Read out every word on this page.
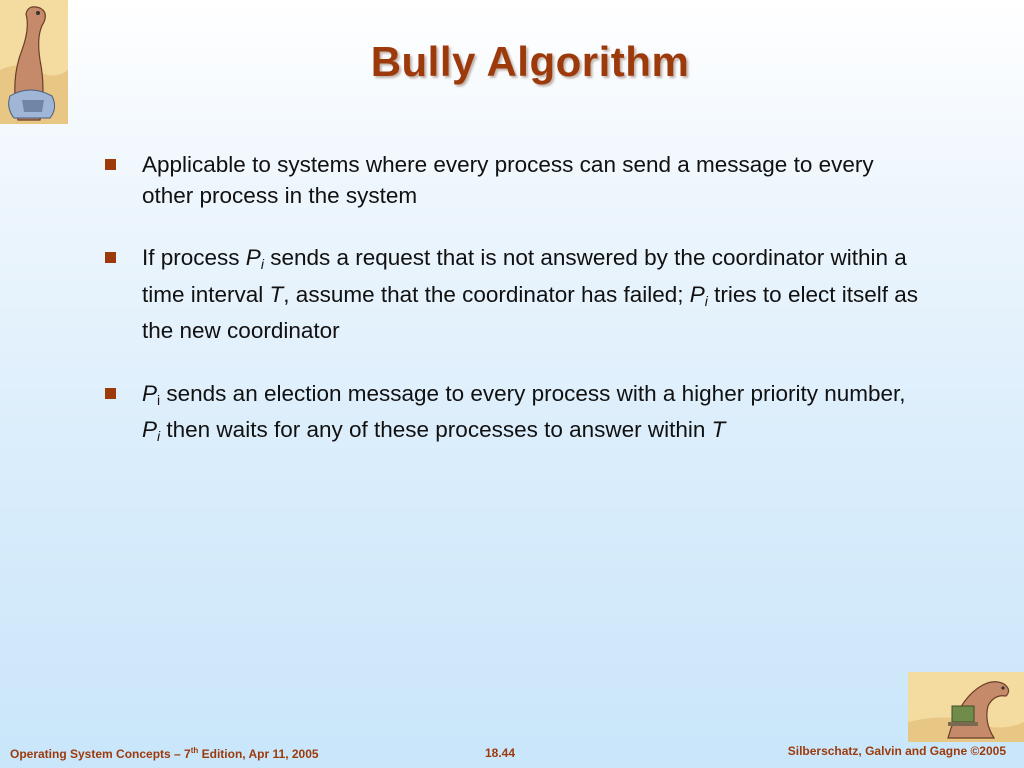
Bully Algorithm
Applicable to systems where every process can send a message to every other process in the system
If process $P_i$ sends a request that is not answered by the coordinator within a time interval T, assume that the coordinator has failed; $P_i$ tries to elect itself as the new coordinator
$P_i$ sends an election message to every process with a higher priority number, $P_i$ then waits for any of these processes to answer within T
Operating System Concepts – 7th Edition, Apr 11, 2005	18.44	Silberschatz, Galvin and Gagne ©2005
